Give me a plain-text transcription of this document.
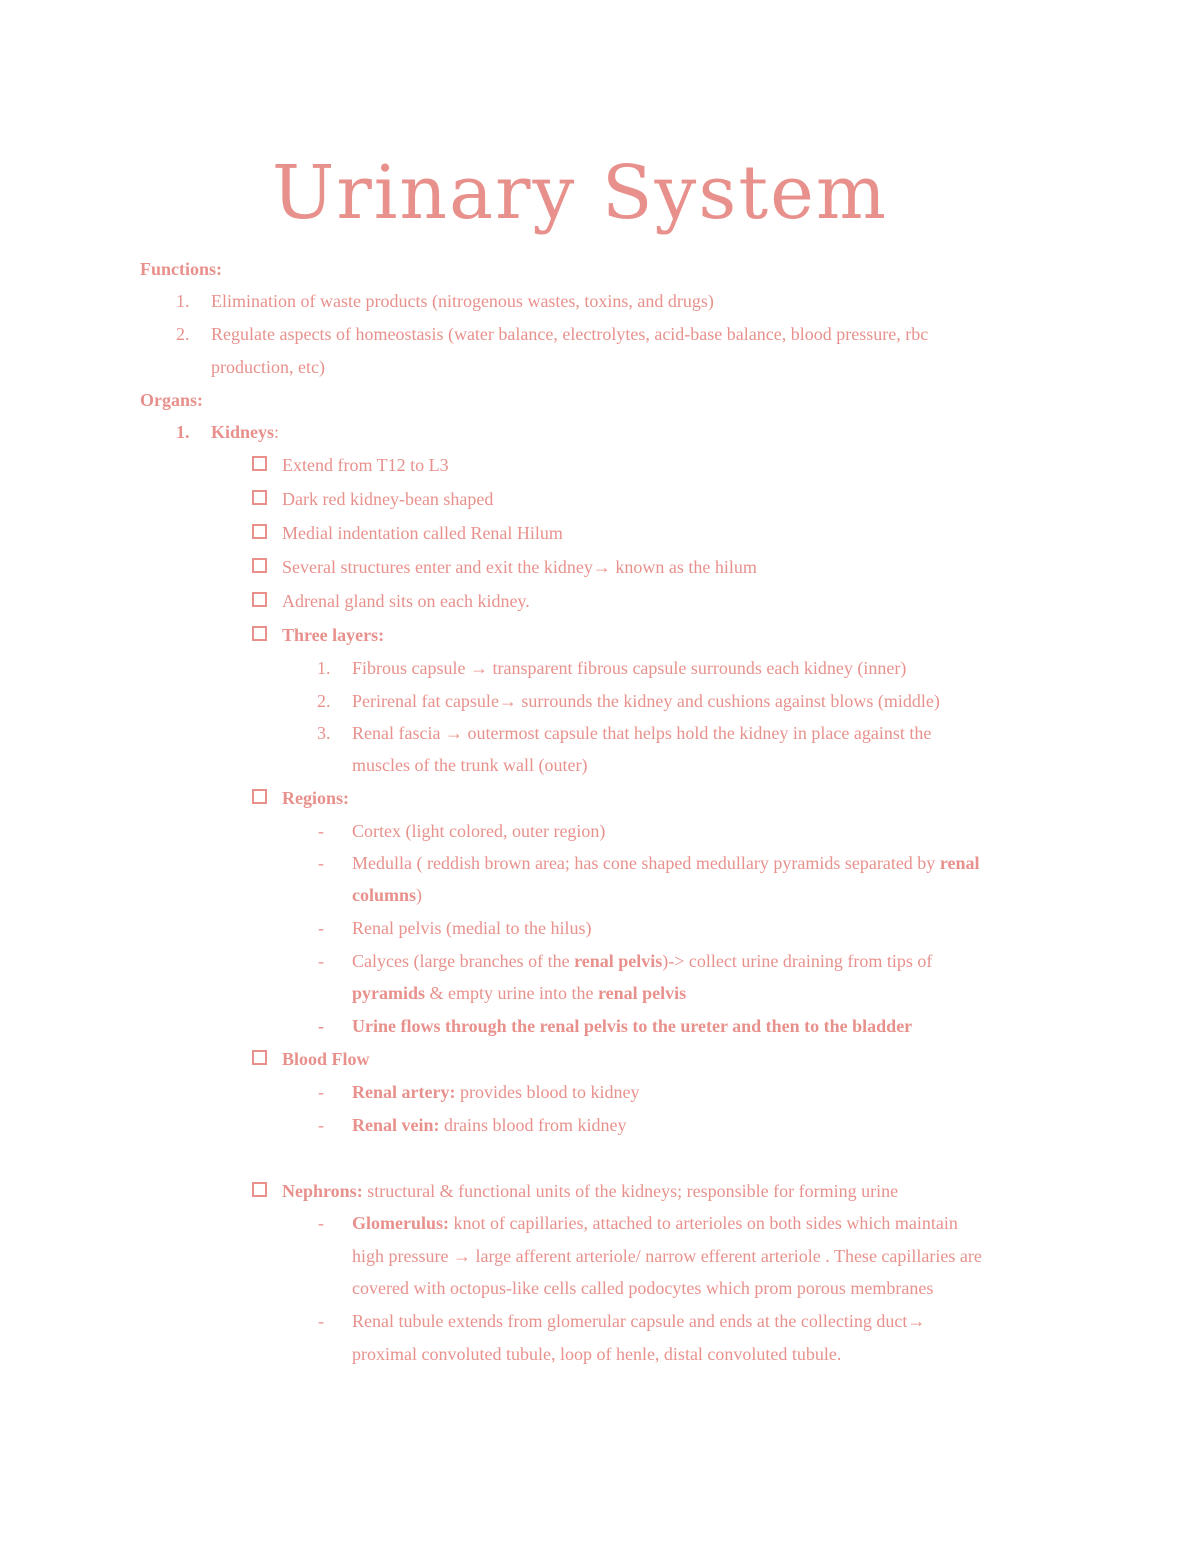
Urinary System
Functions:
1. Elimination of waste products (nitrogenous wastes, toxins, and drugs)
2. Regulate aspects of homeostasis (water balance, electrolytes, acid-base balance, blood pressure, rbc
production, etc)
Organs:
1. Kidneys:
Extend from T12 to L3
Dark red kidney-bean shaped
Medial indentation called Renal Hilum
Several structures enter and exit the kidney→ known as the hilum
Adrenal gland sits on each kidney.
Three layers:
1. Fibrous capsule → transparent fibrous capsule surrounds each kidney (inner)
2. Perirenal fat capsule→ surrounds the kidney and cushions against blows (middle)
3. Renal fascia → outermost capsule that helps hold the kidney in place against the
muscles of the trunk wall (outer)
Regions:
- Cortex (light colored, outer region)
- Medulla ( reddish brown area; has cone shaped medullary pyramids separated by renal
columns)
- Renal pelvis (medial to the hilus)
- Calyces (large branches of the renal pelvis)-> collect urine draining from tips of
pyramids & empty urine into the renal pelvis
- Urine flows through the renal pelvis to the ureter and then to the bladder
Blood Flow
- Renal artery: provides blood to kidney
- Renal vein: drains blood from kidney
Nephrons: structural & functional units of the kidneys; responsible for forming urine
- Glomerulus: knot of capillaries, attached to arterioles on both sides which maintain
high pressure → large afferent arteriole/ narrow efferent arteriole . These capillaries are
covered with octopus-like cells called podocytes which prom porous membranes
- Renal tubule extends from glomerular capsule and ends at the collecting duct→
proximal convoluted tubule, loop of henle, distal convoluted tubule.
